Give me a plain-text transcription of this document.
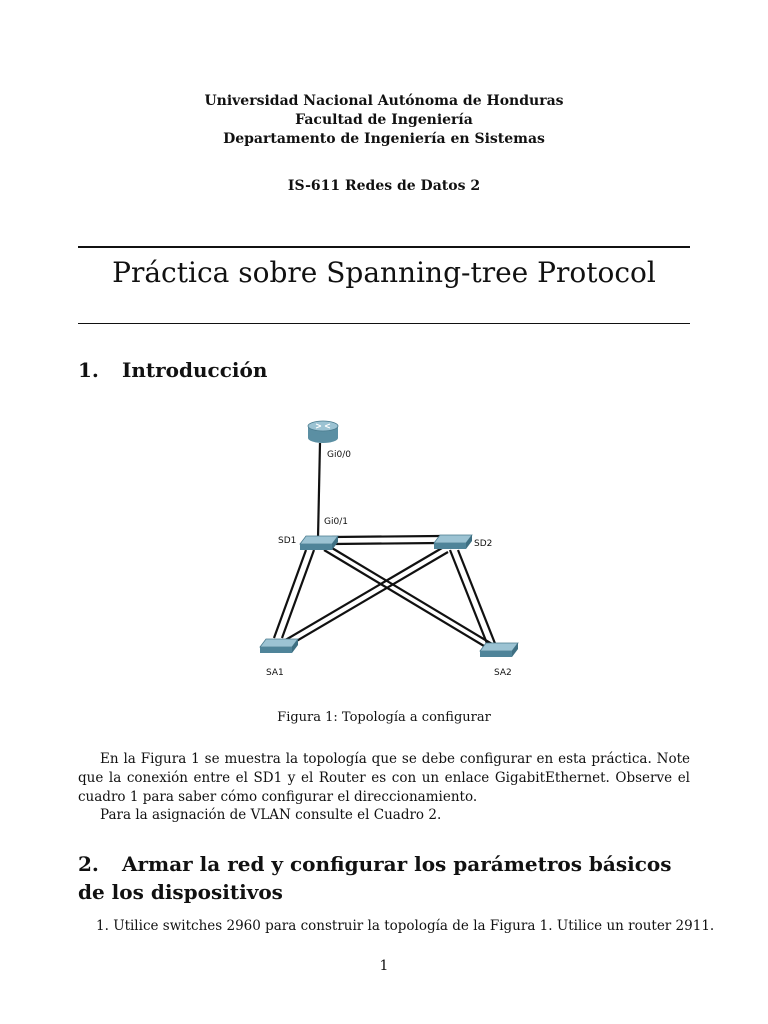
Universidad Nacional Autónoma de Honduras
Facultad de Ingeniería
Departamento de Ingeniería en Sistemas
IS-611 Redes de Datos 2
Práctica sobre Spanning-tree Protocol
1. Introducción
Gi0/0
Gi0/1
SD1	SD2
SA1	SA2
Figura 1: Topología a configurar
En la Figura 1 se muestra la topología que se debe configurar en esta práctica. Note que la conexión entre el SD1 y el Router es con un enlace GigabitEthernet. Observe el cuadro 1 para saber cómo configurar el direccionamiento.
Para la asignación de VLAN consulte el Cuadro 2.
2. Armar la red y configurar los parámetros básicos de los dispositivos
1. Utilice switches 2960 para construir la topología de la Figura 1. Utilice un router 2911.
1
